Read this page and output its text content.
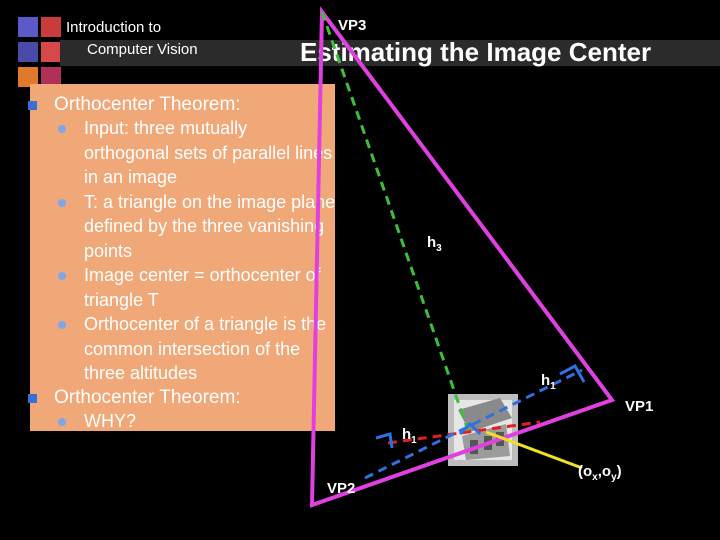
Introduction to
Computer Vision	Estimating the Image Center
Orthocenter Theorem:
Input: three mutually orthogonal sets of parallel lines in an image
T: a triangle on the image plane defined by the three vanishing points
Image center = orthocenter of triangle T
Orthocenter of a triangle is the common intersection of the three altitudes
Orthocenter Theorem:
WHY?
VP3
VP1
VP2
$h_3$
$h_1$
$h_1$
$(o_x,o_y)$
